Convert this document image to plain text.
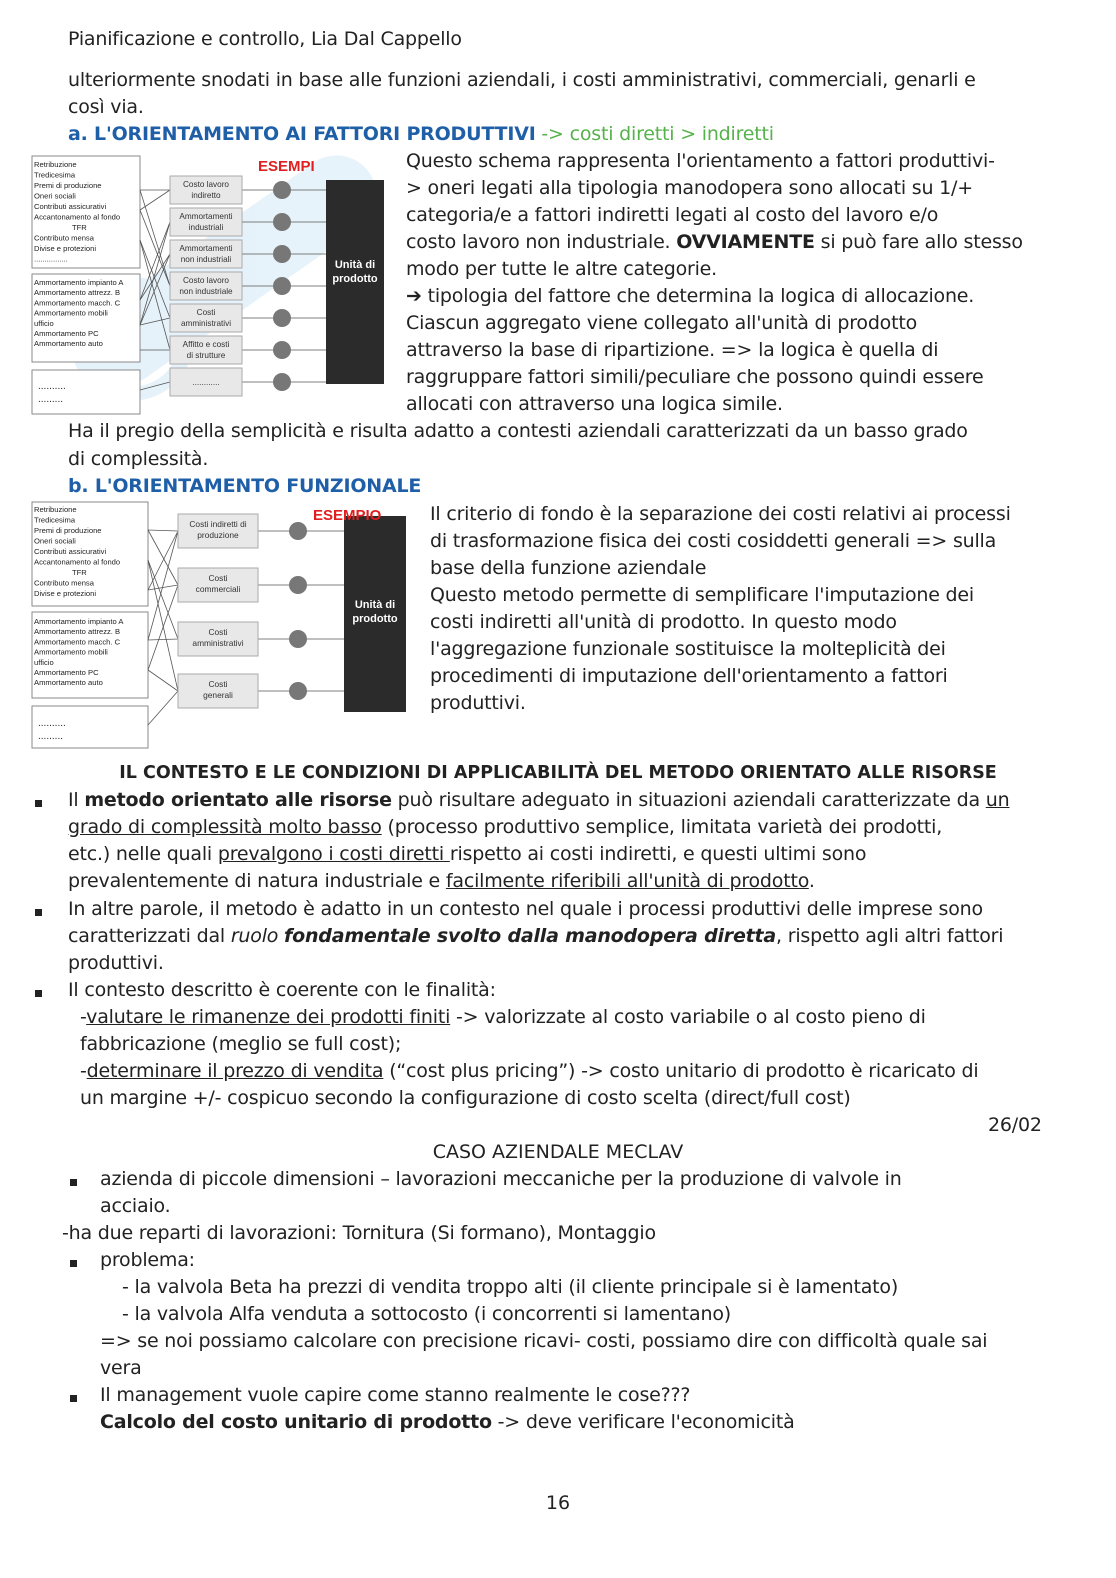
Pianificazione e controllo, Lia Dal Cappello
ulteriormente snodati in base alle funzioni aziendali, i costi amministrativi, commerciali, genarli e
così via.
a. L'ORIENTAMENTO AI FATTORI PRODUTTIVI -> costi diretti > indiretti
Retribuzione
Tredicesima
Premi di produzione
Oneri sociali
Contributi assicurativi
Accantonamento al fondo
TFR
Contributo mensa
Divise e protezioni
................
Ammortamento impianto A
Ammortamento attrezz. B
Ammortamento macch. C
Ammortamento mobili
ufficio
Ammortamento PC
Ammortamento auto
..........
.........
Costo lavoro
indiretto
Ammortamenti
industriali
Ammortamenti
non industriali
Costo lavoro
non industriale
Costi
amministrativi
Affitto e costi
di strutture
............
ESEMPI
Unità di
prodotto
Questo schema rappresenta l'orientamento a fattori produttivi-
> oneri legati alla tipologia manodopera sono allocati su 1/+
categoria/e a fattori indiretti legati al costo del lavoro e/o
costo lavoro non industriale. OVVIAMENTE si può fare allo stesso
modo per tutte le altre categorie.
➔ tipologia del fattore che determina la logica di allocazione.
Ciascun aggregato viene collegato all'unità di prodotto
attraverso la base di ripartizione. => la logica è quella di
raggruppare fattori simili/peculiare che possono quindi essere
allocati con attraverso una logica simile.
Ha il pregio della semplicità e risulta adatto a contesti aziendali caratterizzati da un basso grado
di complessità.
b. L'ORIENTAMENTO FUNZIONALE
Retribuzione
Tredicesima
Premi di produzione
Oneri sociali
Contributi assicurativi
Accantonamento al fondo
TFR
Contributo mensa
Divise e protezioni
Ammortamento impianto A
Ammortamento attrezz. B
Ammortamento macch. C
Ammortamento mobili
ufficio
Ammortamento PC
Ammortamento auto
..........
.........
Costi indiretti di
produzione
Costi
commerciali
Costi
amministrativi
Costi
generali
ESEMPIO
Unità di
prodotto
Il criterio di fondo è la separazione dei costi relativi ai processi
di trasformazione fisica dei costi cosiddetti generali => sulla
base della funzione aziendale
Questo metodo permette di semplificare l'imputazione dei
costi indiretti all'unità di prodotto. In questo modo
l'aggregazione funzionale sostituisce la molteplicità dei
procedimenti di imputazione dell'orientamento a fattori
produttivi.
IL CONTESTO E LE CONDIZIONI DI APPLICABILITÀ DEL METODO ORIENTATO ALLE RISORSE
Il metodo orientato alle risorse può risultare adeguato in situazioni aziendali caratterizzate da un
grado di complessità molto basso (processo produttivo semplice, limitata varietà dei prodotti,
etc.) nelle quali prevalgono i costi diretti rispetto ai costi indiretti, e questi ultimi sono
prevalentemente di natura industriale e facilmente riferibili all'unità di prodotto.
In altre parole, il metodo è adatto in un contesto nel quale i processi produttivi delle imprese sono
caratterizzati dal ruolo fondamentale svolto dalla manodopera diretta, rispetto agli altri fattori
produttivi.
Il contesto descritto è coerente con le finalità:
-valutare le rimanenze dei prodotti finiti -> valorizzate al costo variabile o al costo pieno di
fabbricazione (meglio se full cost);
-determinare il prezzo di vendita (“cost plus pricing”) -> costo unitario di prodotto è ricaricato di
un margine +/- cospicuo secondo la configurazione di costo scelta (direct/full cost)
26/02
CASO AZIENDALE MECLAV
azienda di piccole dimensioni – lavorazioni meccaniche per la produzione di valvole in
acciaio.
-ha due reparti di lavorazioni: Tornitura (Si formano), Montaggio
problema:
- la valvola Beta ha prezzi di vendita troppo alti (il cliente principale si è lamentato)
- la valvola Alfa venduta a sottocosto (i concorrenti si lamentano)
=> se noi possiamo calcolare con precisione ricavi- costi, possiamo dire con difficoltà quale sai
vera
Il management vuole capire come stanno realmente le cose???
Calcolo del costo unitario di prodotto -> deve verificare l'economicità
16
